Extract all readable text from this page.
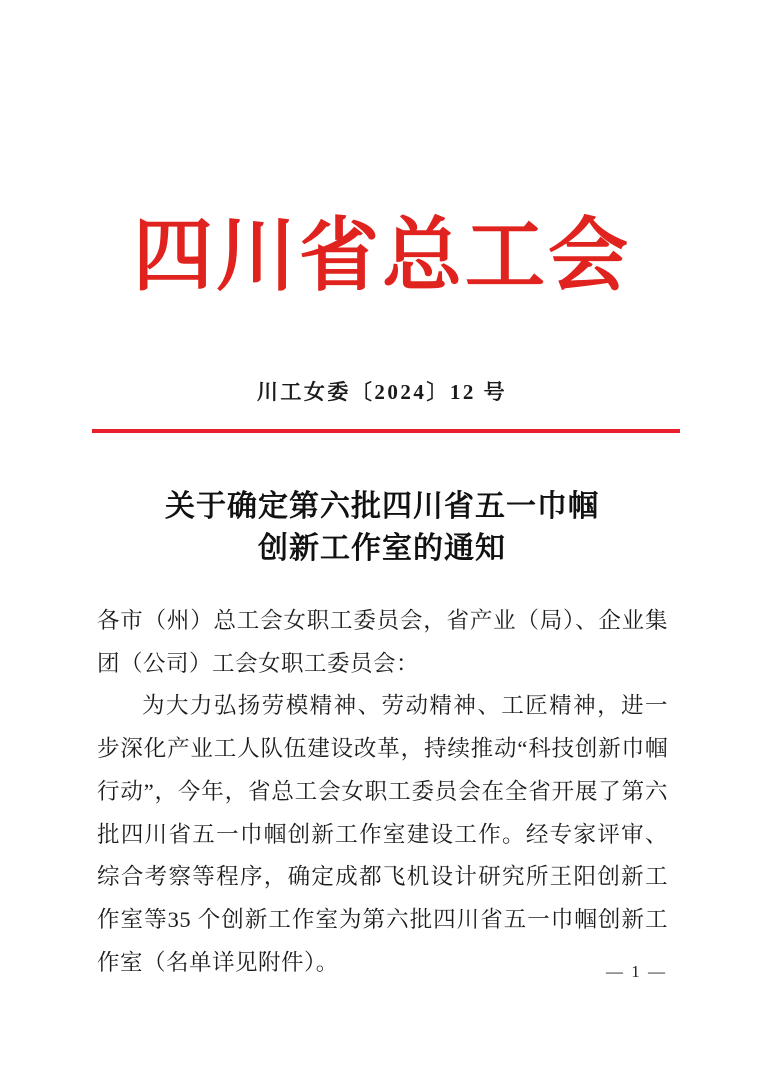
四川省总工会
川工女委〔2024〕12 号
关于确定第六批四川省五一巾帼
创新工作室的通知

各市（州）总工会女职工委员会，省产业（局）、企业集团（公司）工会女职工委员会：

为大力弘扬劳模精神、劳动精神、工匠精神，进一步深化产业工人队伍建设改革，持续推动“科技创新巾帼行动”，今年，省总工会女职工委员会在全省开展了第六批四川省五一巾帼创新工作室建设工作。经专家评审、综合考察等程序，确定成都飞机设计研究所王阳创新工作室等35 个创新工作室为第六批四川省五一巾帼创新工作室（名单详见附件）。	— 1 —
